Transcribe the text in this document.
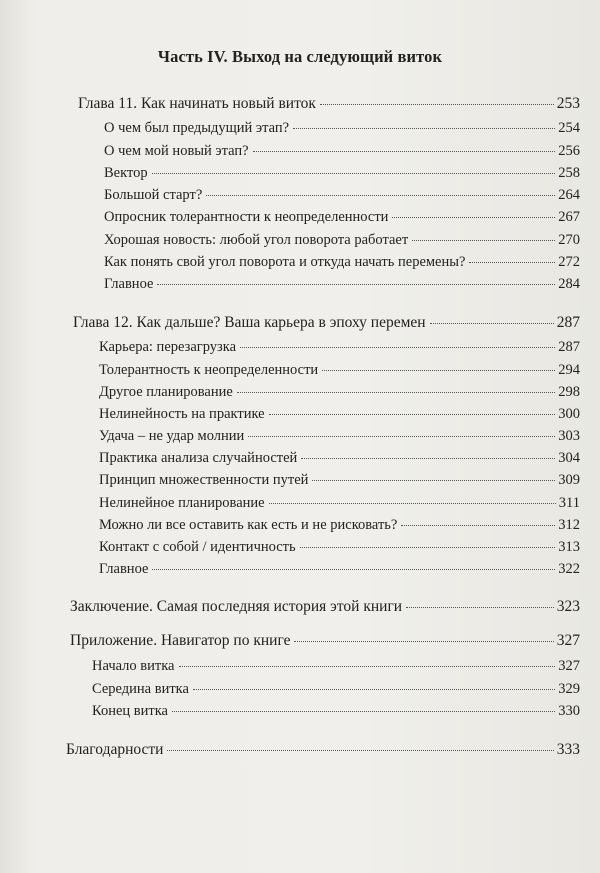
Часть IV. Выход на следующий виток
Глава 11. Как начинать новый виток	253
О чем был предыдущий этап?	254
О чем мой новый этап?	256
Вектор	258
Большой старт?	264
Опросник толерантности к неопределенности	267
Хорошая новость: любой угол поворота работает	270
Как понять свой угол поворота и откуда начать перемены?	272
Главное	284
Глава 12. Как дальше? Ваша карьера в эпоху перемен	287
Карьера: перезагрузка	287
Толерантность к неопределенности	294
Другое планирование	298
Нелинейность на практике	300
Удача – не удар молнии	303
Практика анализа случайностей	304
Принцип множественности путей	309
Нелинейное планирование	311
Можно ли все оставить как есть и не рисковать?	312
Контакт с собой / идентичность	313
Главное	322
Заключение. Самая последняя история этой книги	323
Приложение. Навигатор по книге	327
Начало витка	327
Середина витка	329
Конец витка	330
Благодарности	333
